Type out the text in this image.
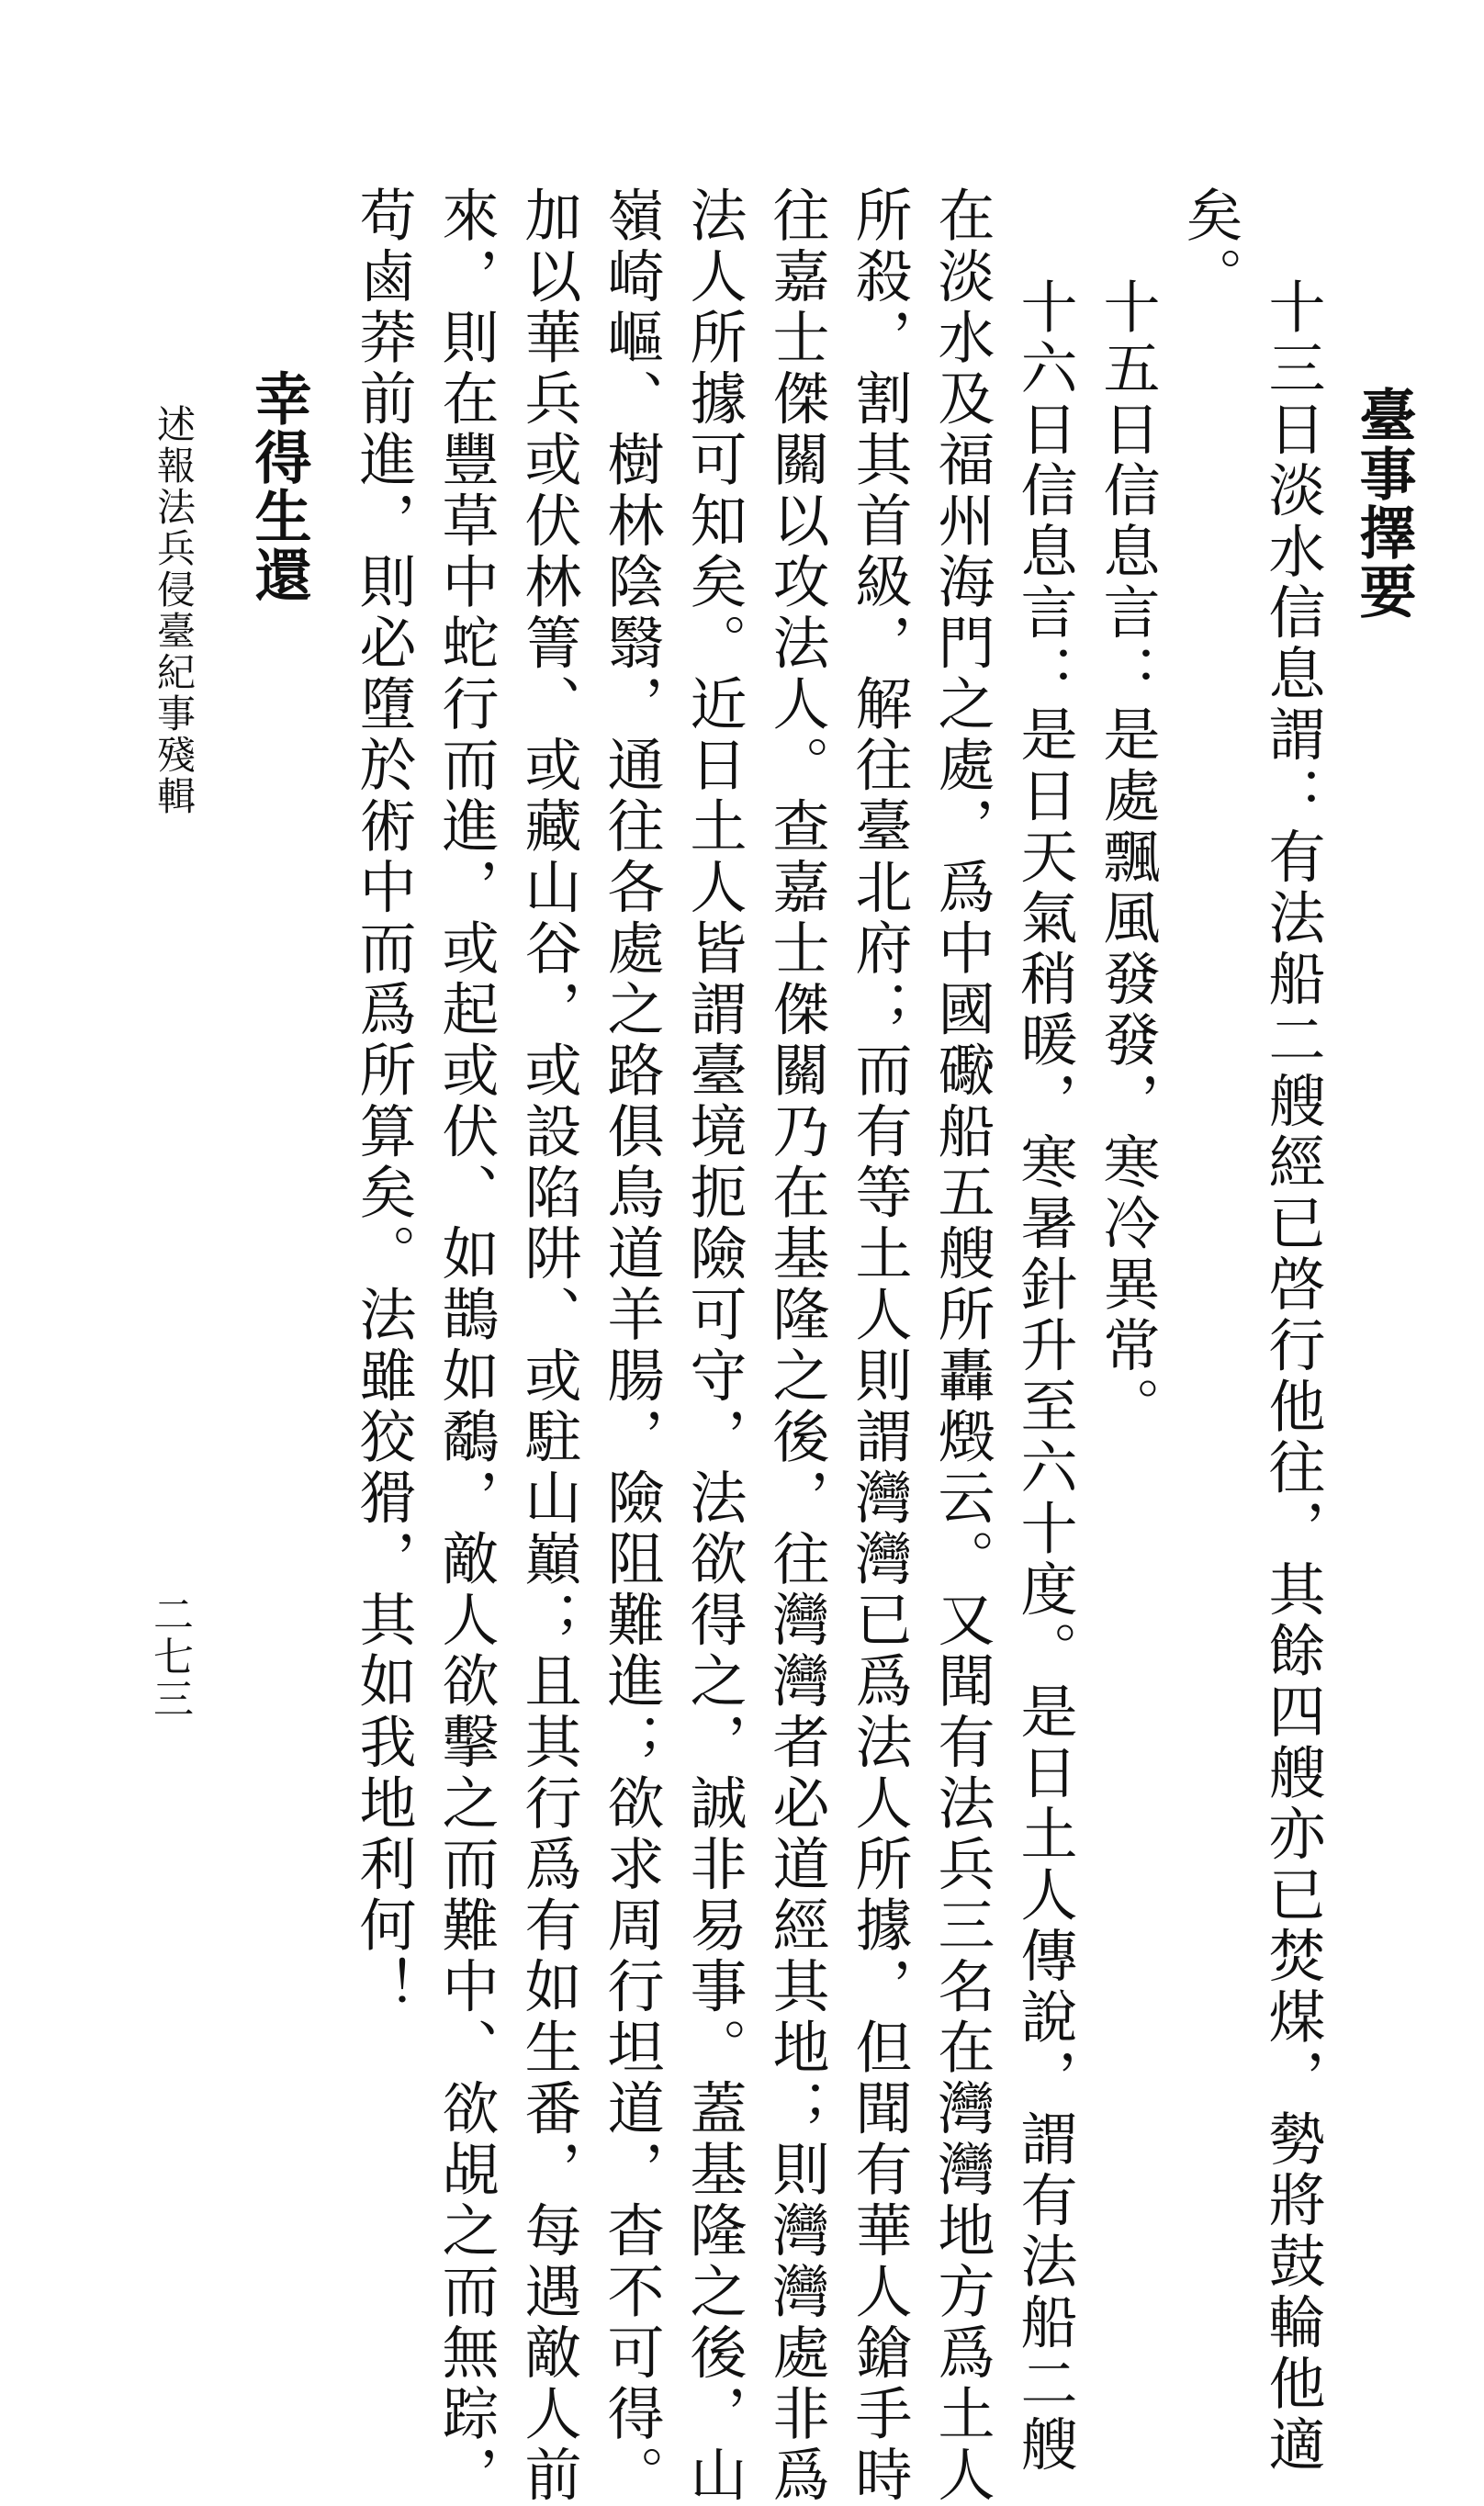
臺事擇要

十三日淡水信息謂：有法船二艘經已啓行他往，其餘四艘亦已焚煤，勢將鼓輪他適

矣。

十五日信息言：是處飄風發發，寒冷異常。

十六日信息言：是日天氣稍暖，寒暑針升至六十度。是日土人傳說，謂有法船二艘

在淡水及福州海門之處，爲中國礮船五艘所轟燬云。又聞有法兵三名在灣灣地方爲土人

所殺，割其首級，解往臺北府；而有等土人則謂灣灣已爲法人所據，但聞有華人鎗手時

往嘉士傑關以攻法人。查嘉士傑關乃在基隆之後，往灣灣者必道經其地；則灣灣處非爲

法人所據可知矣。近日土人皆謂臺境扼險可守，法欲得之，誠非易事。蓋基隆之後，山

嶺崎嶇、樹林陰翳，通往各處之路俱鳥道羊腸，險阻難進；欲求周行坦道，杳不可得。

加以華兵或伏林箐、或藏山谷，或設陷阱、或駐山巔；且其行爲有如生番，每遇敵人前

來，則在豐草中蛇行而進，或起或伏、如鵲如鷸，敵人欲擊之而難中、欲覘之而無踪，

苟鹵莽前進，則必墮於術中而爲所算矣。法雖狡猾，其如我地利何！

幸得生還
述報法兵侵臺紀事殘輯
二七三
